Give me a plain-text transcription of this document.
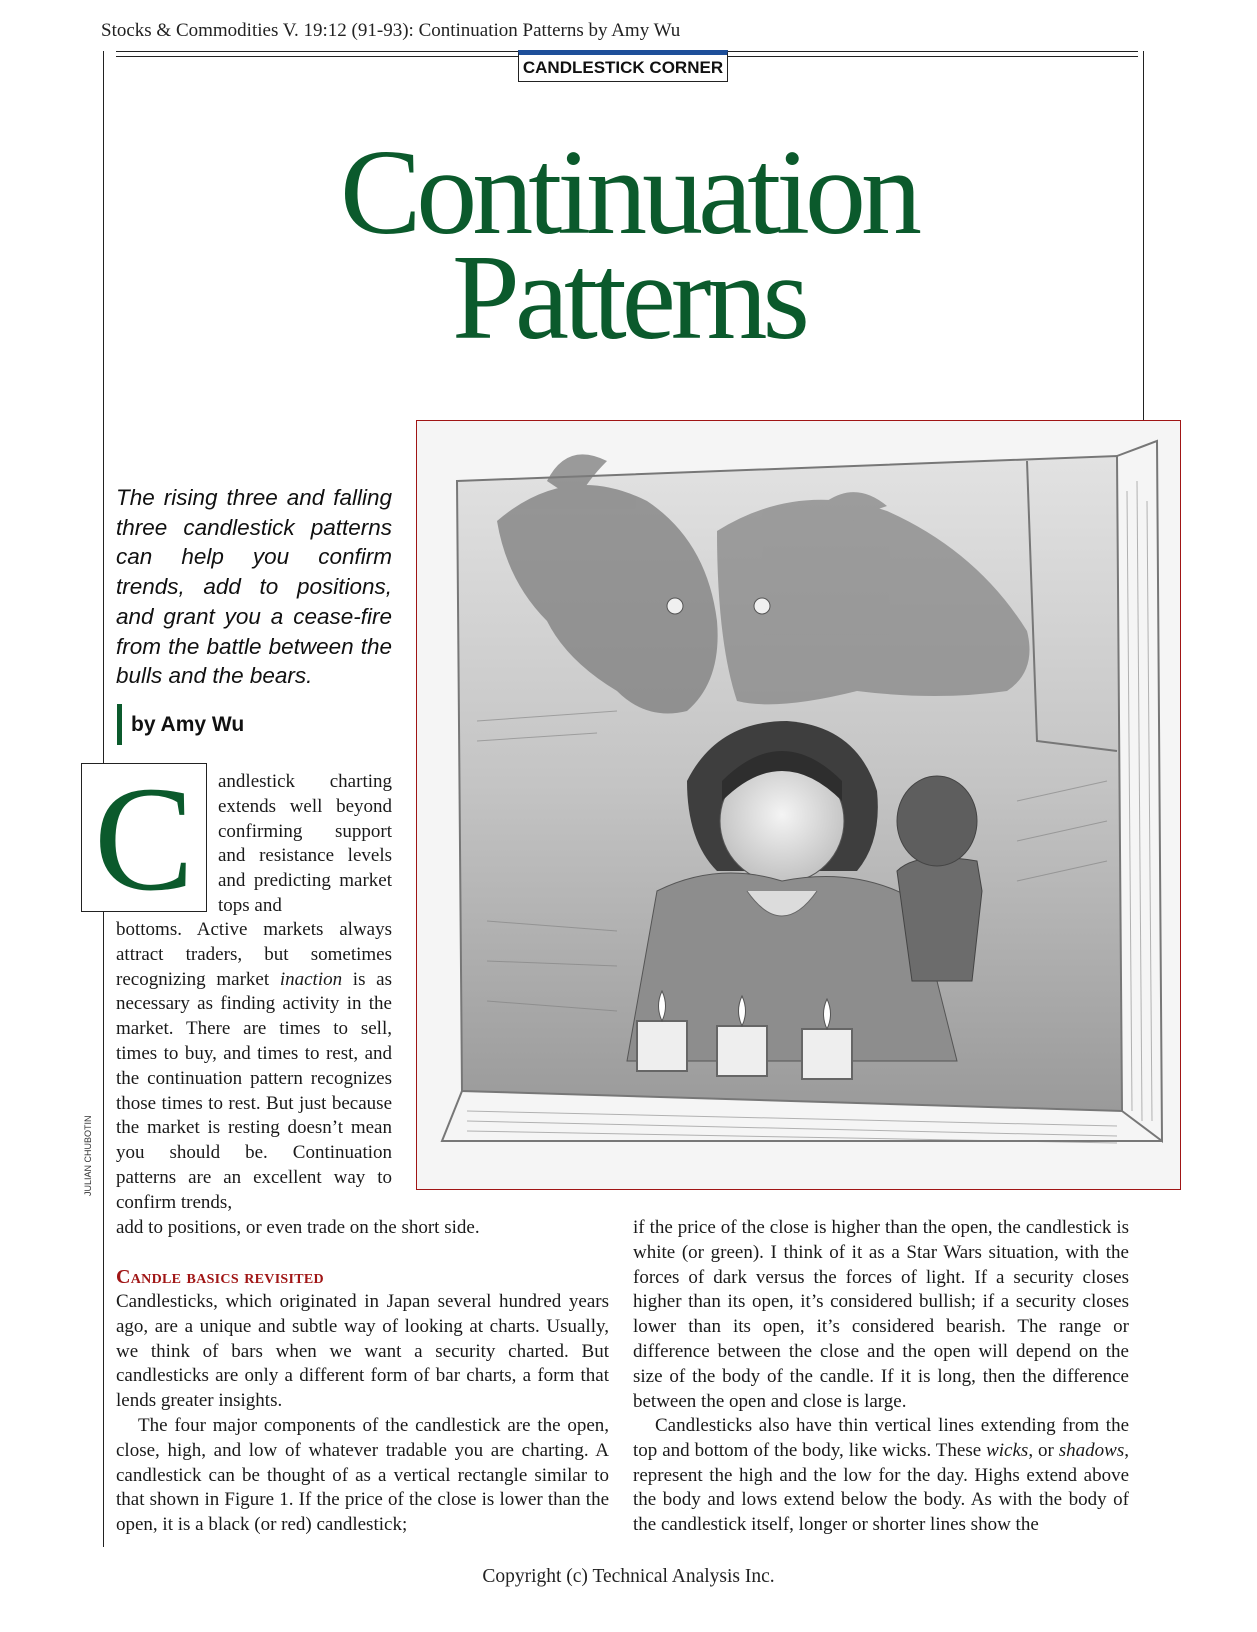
Stocks & Commodities V. 19:12 (91-93): Continuation Patterns by Amy Wu
CANDLESTICK CORNER
Continuation
Patterns

The rising three and falling three candlestick patterns can help you confirm trends, add to positions, and grant you a cease-fire from the battle between the bulls and the bears.

by Amy Wu
JULIAN CHUBOTIN
C	andlestick charting extends well beyond confirming support and resistance levels and predicting market tops and

bottoms. Active markets always attract traders, but sometimes recognizing market inaction is as necessary as finding activity in the market. There are times to sell, times to buy, and times to rest, and the continuation pattern recognizes those times to rest. But just because the market is resting doesn’t mean you should be. Continuation patterns are an excellent way to confirm trends,

add to positions, or even trade on the short side.

Candle basics revisited

Candlesticks, which originated in Japan several hundred years ago, are a unique and subtle way of looking at charts. Usually, we think of bars when we want a security charted. But candlesticks are only a different form of bar charts, a form that lends greater insights.

The four major components of the candlestick are the open, close, high, and low of whatever tradable you are charting. A candlestick can be thought of as a vertical rectangle similar to that shown in Figure 1. If the price of the close is lower than the open, it is a black (or red) candlestick;

if the price of the close is higher than the open, the candlestick is white (or green). I think of it as a Star Wars situation, with the forces of dark versus the forces of light. If a security closes higher than its open, it’s considered bullish; if a security closes lower than its open, it’s considered bearish. The range or difference between the close and the open will depend on the size of the body of the candle. If it is long, then the difference between the open and close is large.

Candlesticks also have thin vertical lines extending from the top and bottom of the body, like wicks. These wicks, or shadows, represent the high and the low for the day. Highs extend above the body and lows extend below the body. As with the body of the candlestick itself, longer or shorter lines show the

Copyright (c) Technical Analysis Inc.
